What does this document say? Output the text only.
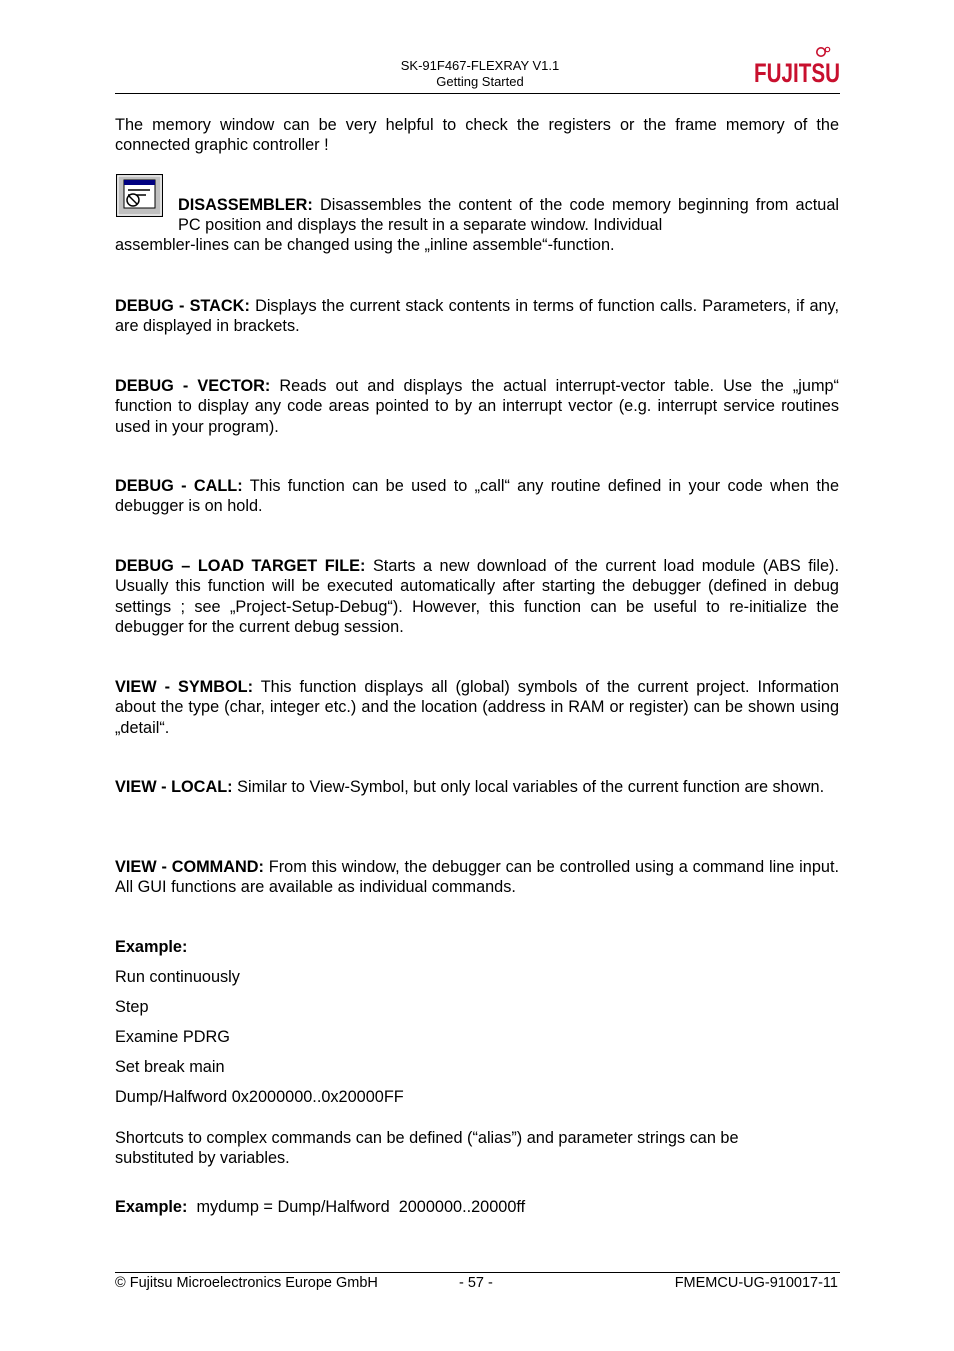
SK-91F467-FLEXRAY V1.1
Getting Started	FUJITSU

The memory window can be very helpful to check the registers or the frame memory of the connected graphic controller !

DISASSEMBLER: Disassembles the content of the code memory beginning from actual PC position and displays the result in a separate window. Individual

assembler-lines can be changed using the „inline assemble“-function.

DEBUG - STACK: Displays the current stack contents in terms of function calls. Parameters, if any, are displayed in brackets.

DEBUG - VECTOR: Reads out and displays the actual interrupt-vector table. Use the „jump“ function to display any code areas pointed to by an interrupt vector (e.g. interrupt service routines used in your program).

DEBUG - CALL: This function can be used to „call“ any routine defined in your code when the debugger is on hold.

DEBUG – LOAD TARGET FILE: Starts a new download of the current load module (ABS file). Usually this function will be executed automatically after starting the debugger (defined in debug settings ; see „Project-Setup-Debug“). However, this function can be useful to re-initialize the debugger for the current debug session.

VIEW - SYMBOL: This function displays all (global) symbols of the current project. Information about the type (char, integer etc.) and the location (address in RAM or register) can be shown using „detail“.

VIEW - LOCAL: Similar to View-Symbol, but only local variables of the current function are shown.

VIEW - COMMAND: From this window, the debugger can be controlled using a command line input. All GUI functions are available as individual commands.

Example:

Run continuously

Step

Examine PDRG

Set break main

Dump/Halfword 0x2000000..0x20000FF

Shortcuts to complex commands can be defined (“alias”) and parameter strings can be substituted by variables.

Example: mydump = Dump/Halfword  2000000..20000ff

© Fujitsu Microelectronics Europe GmbH	- 57 -	FMEMCU-UG-910017-11
